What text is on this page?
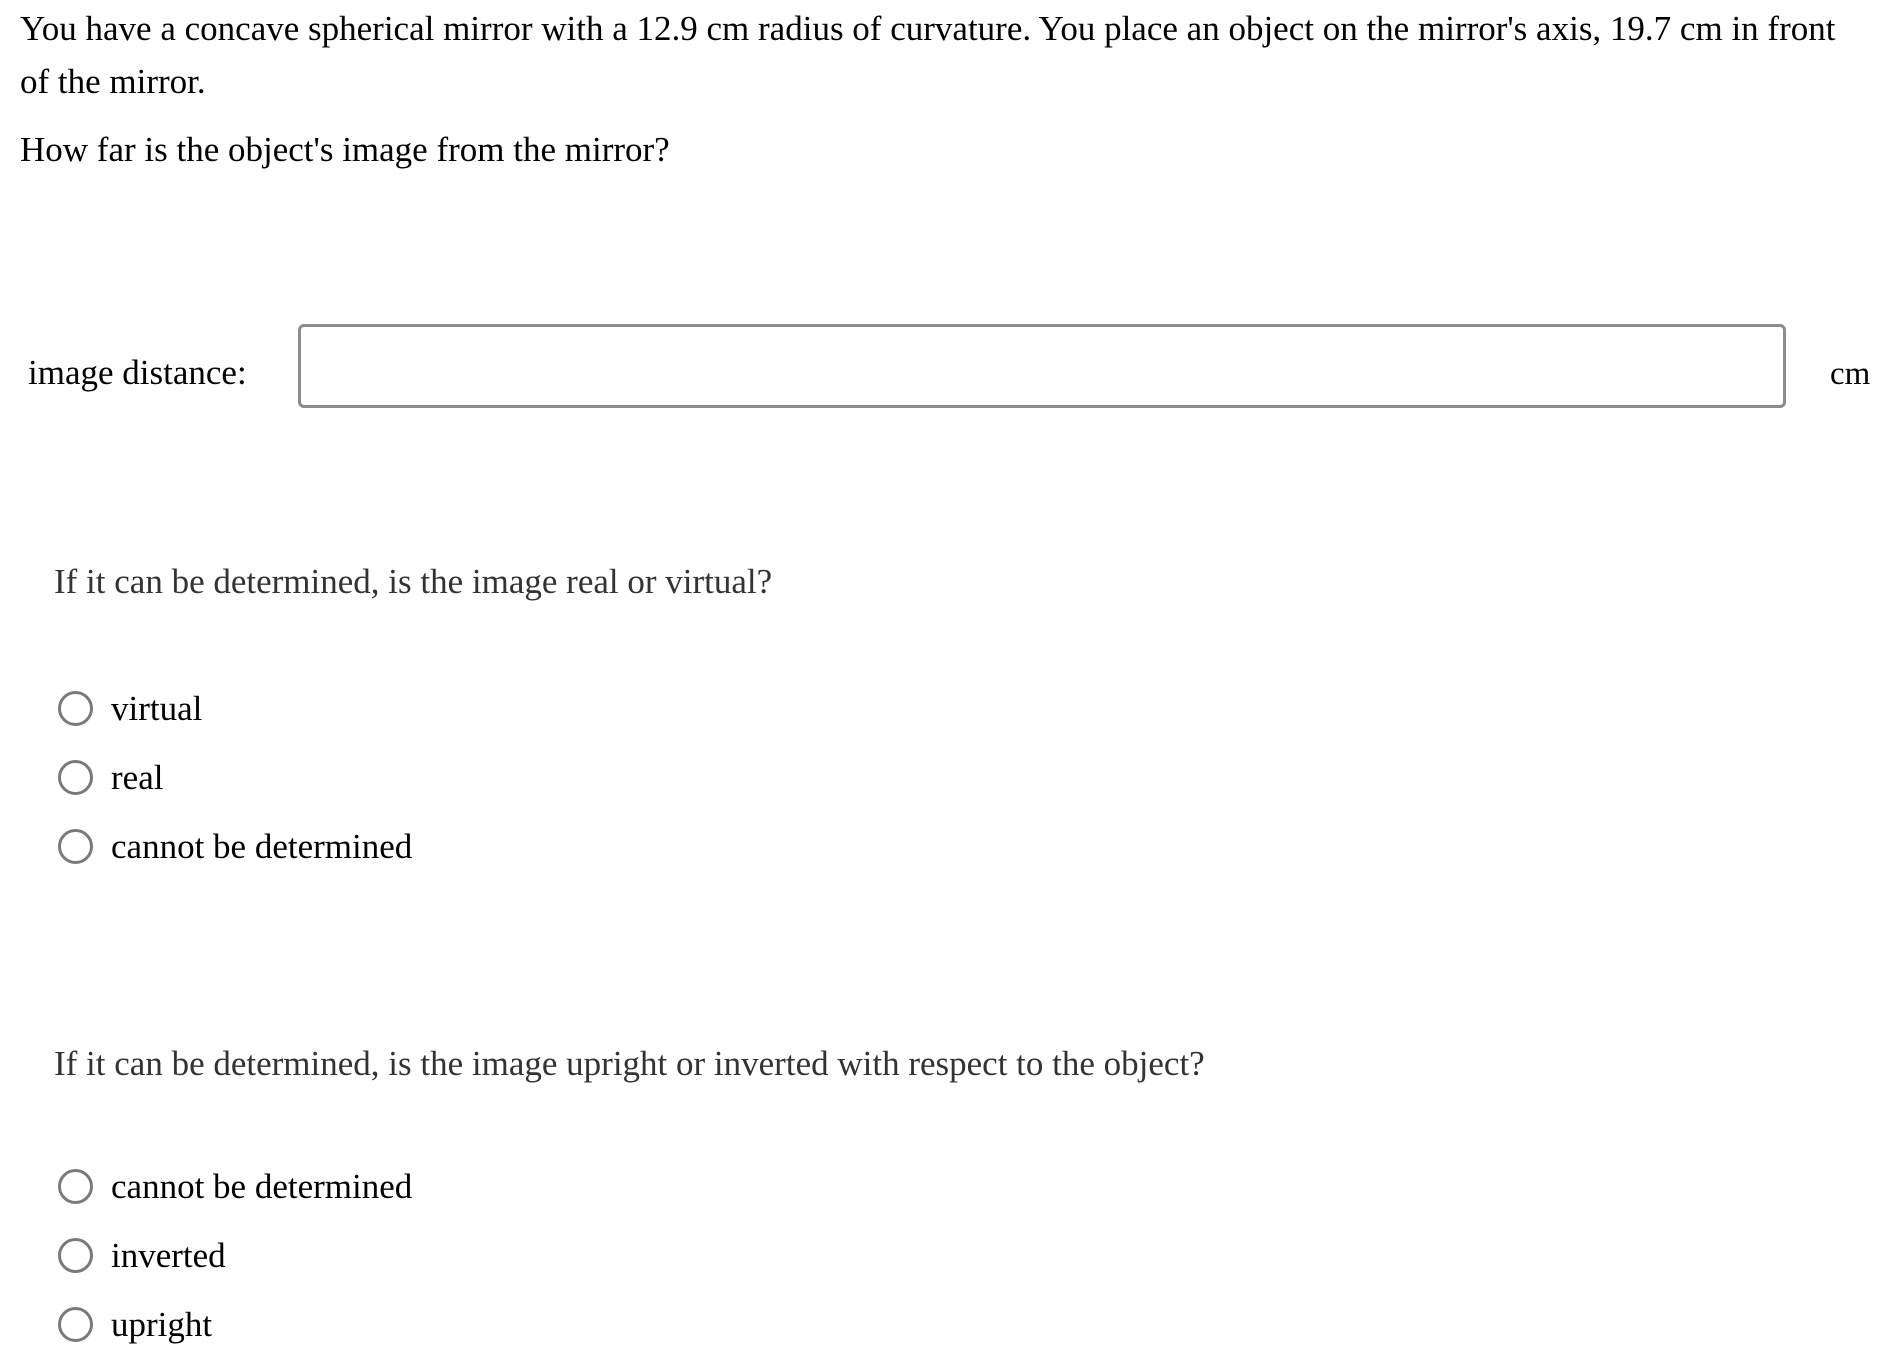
You have a concave spherical mirror with a 12.9 cm radius of curvature. You place an object on the mirror's axis, 19.7 cm in front of the mirror.

How far is the object's image from the mirror?

image distance:	cm

If it can be determined, is the image real or virtual?

virtual
real
cannot be determined

If it can be determined, is the image upright or inverted with respect to the object?

cannot be determined
inverted
upright
